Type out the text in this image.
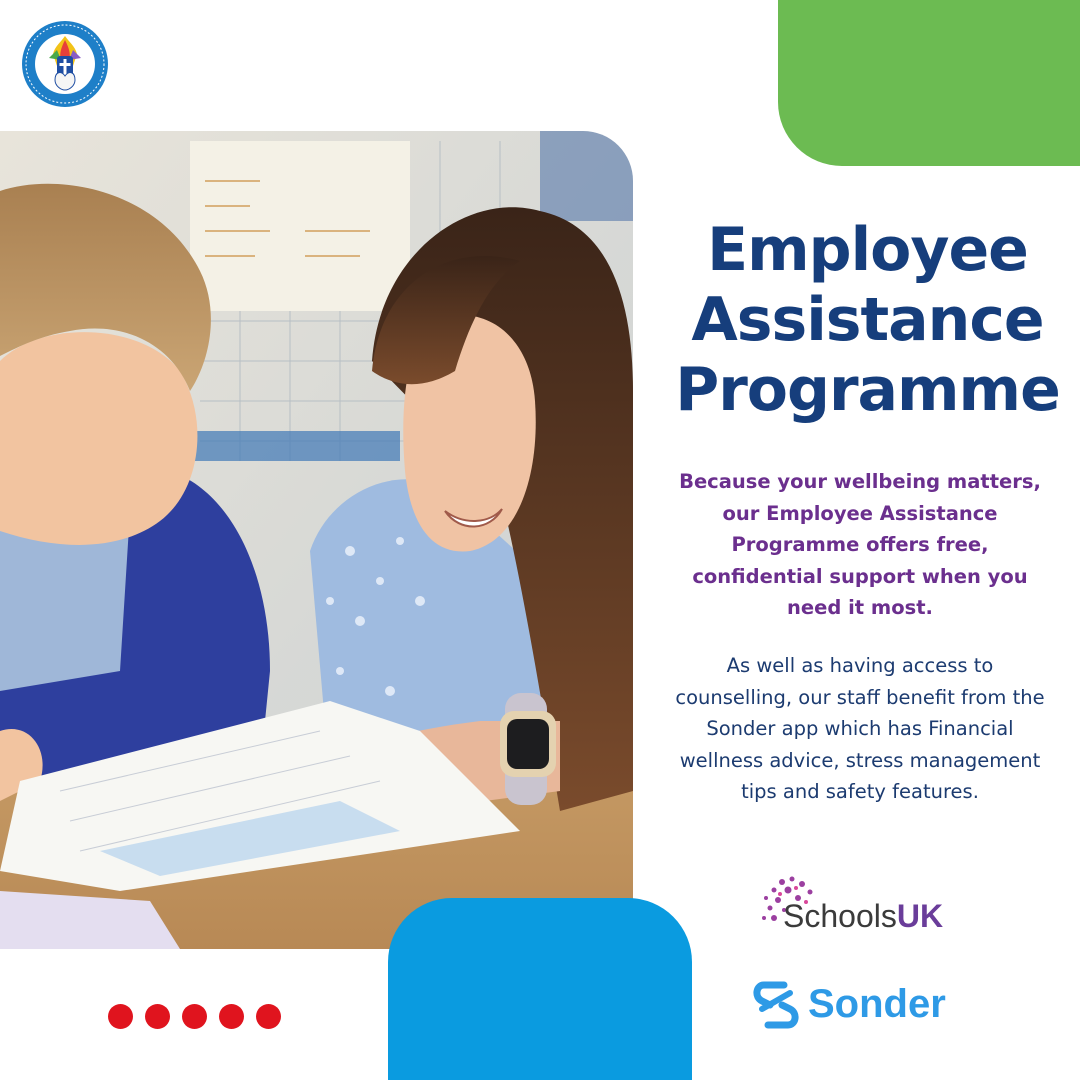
Employee
Assistance
Programme

Because your wellbeing matters, our Employee Assistance Programme offers free, confidential support when you need it most.

As well as having access to counselling, our staff benefit from the Sonder app which has Financial wellness advice, stress management tips and safety features.

SchoolsUK
Sonder
